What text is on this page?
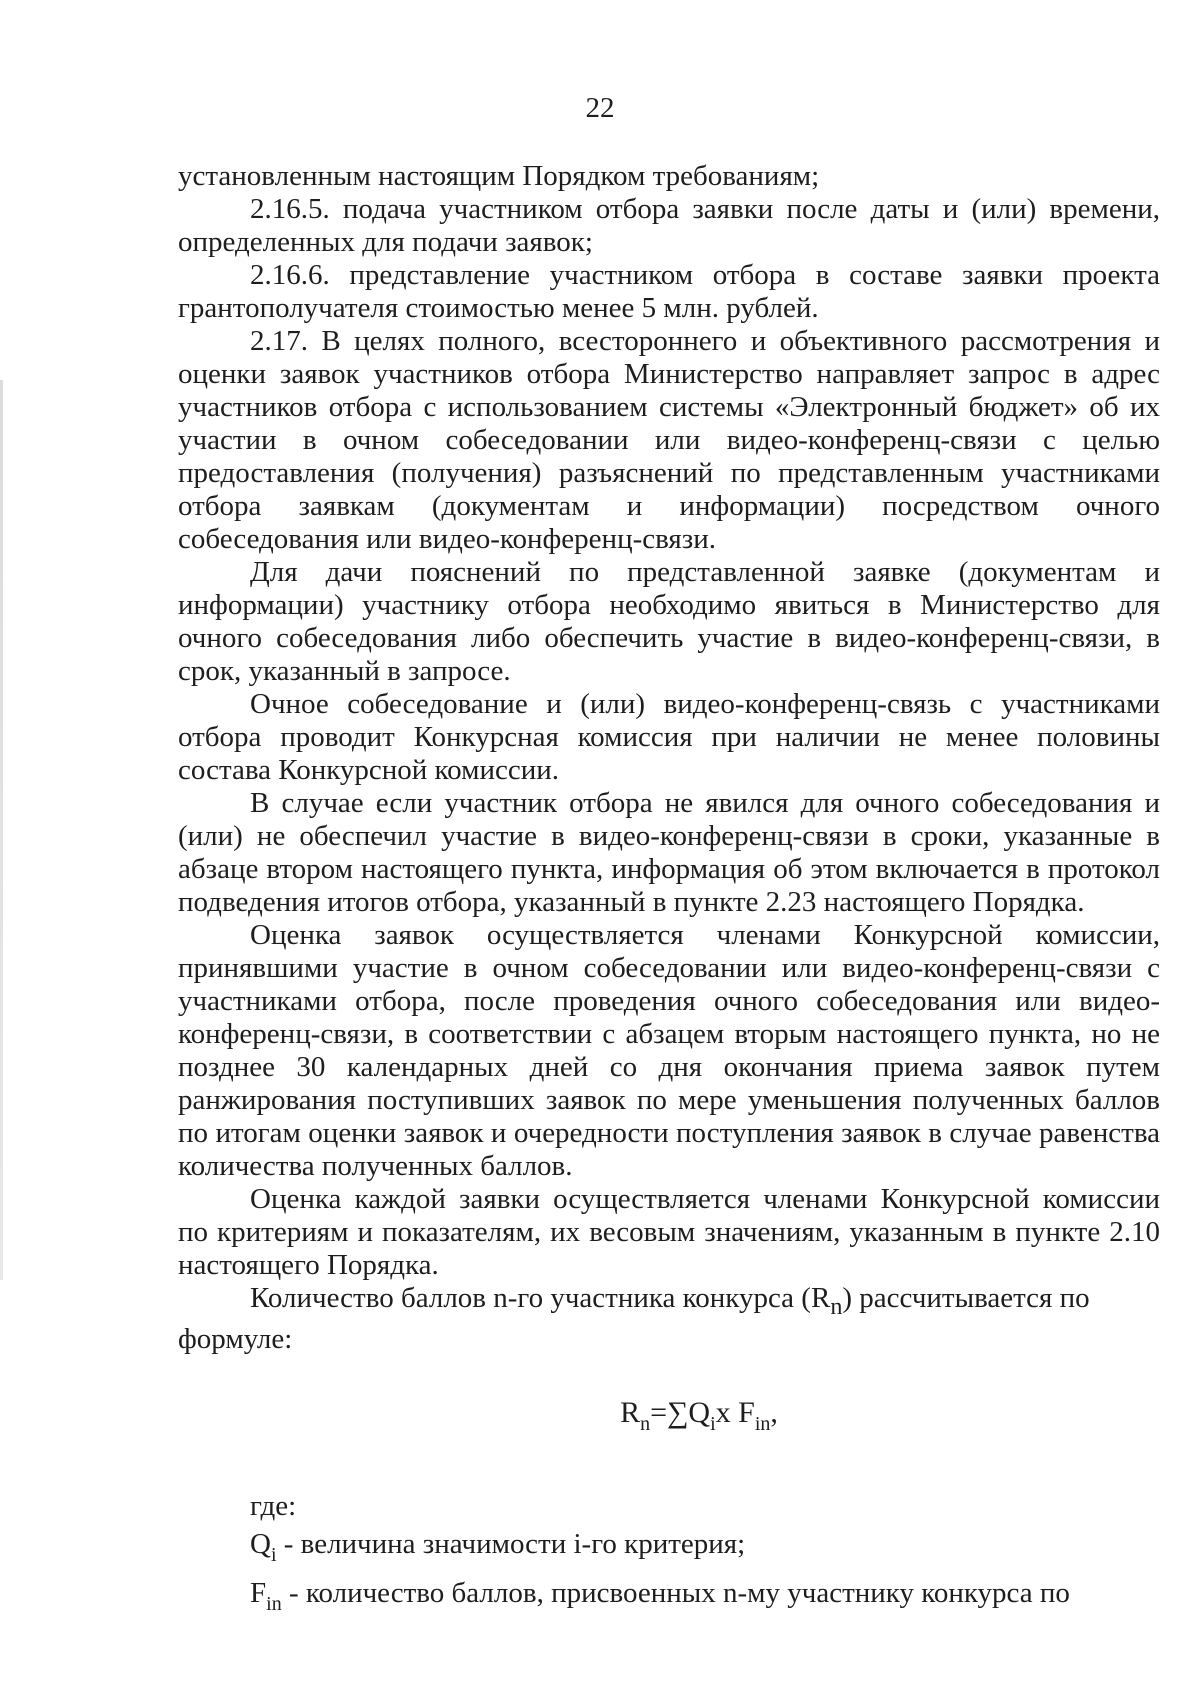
22

установленным настоящим Порядком требованиям;

2.16.5. подача участником отбора заявки после даты и (или) времени, определенных для подачи заявок;

2.16.6. представление участником отбора в составе заявки проекта грантополучателя стоимостью менее 5 млн. рублей.

2.17. В целях полного, всестороннего и объективного рассмотрения и оценки заявок участников отбора Министерство направляет запрос в адрес участников отбора с использованием системы «Электронный бюджет» об их участии в очном собеседовании или видео-конференц-связи с целью предоставления (получения) разъяснений по представленным участниками отбора заявкам (документам и информации) посредством очного собеседования или видео-конференц-связи.

Для дачи пояснений по представленной заявке (документам и информации) участнику отбора необходимо явиться в Министерство для очного собеседования либо обеспечить участие в видео-конференц-связи, в срок, указанный в запросе.

Очное собеседование и (или) видео-конференц-связь с участниками отбора проводит Конкурсная комиссия при наличии не менее половины состава Конкурсной комиссии.

В случае если участник отбора не явился для очного собеседования и (или) не обеспечил участие в видео-конференц-связи в сроки, указанные в абзаце втором настоящего пункта, информация об этом включается в протокол подведения итогов отбора, указанный в пункте 2.23 настоящего Порядка.

Оценка заявок осуществляется членами Конкурсной комиссии, принявшими участие в очном собеседовании или видео-конференц-связи с участниками отбора, после проведения очного собеседования или видео-конференц-связи, в соответствии с абзацем вторым настоящего пункта, но не позднее 30 календарных дней со дня окончания приема заявок путем ранжирования поступивших заявок по мере уменьшения полученных баллов по итогам оценки заявок и очередности поступления заявок в случае равенства количества полученных баллов.

Оценка каждой заявки осуществляется членами Конкурсной комиссии по критериям и показателям, их весовым значениям, указанным в пункте 2.10 настоящего Порядка.

Количество баллов n-го участника конкурса $(R_n)$ рассчитывается по

формуле:

$R_n=\sum Q_ix$ $F_{in}$,
где:
$Q_i$ - величина значимости i-го критерия;
$F_{in}$ - количество баллов, присвоенных n-му участнику конкурса по
